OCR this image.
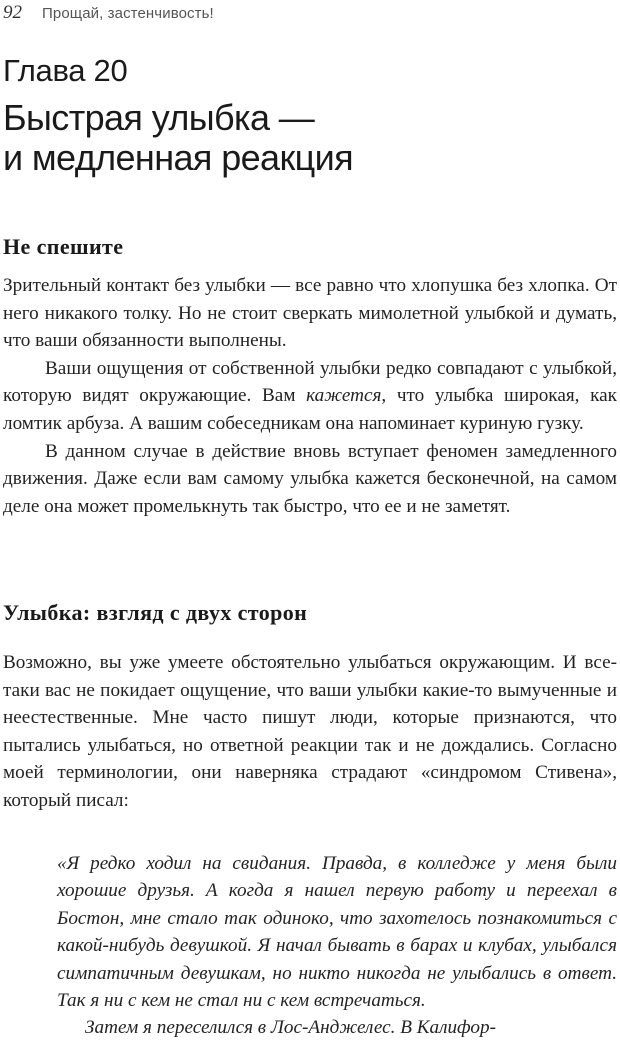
92 Прощай, застенчивость!
Глава 20
Быстрая улыбка —
и медленная реакция
Не спешите

Зрительный контакт без улыбки — все равно что хлопушка без хлопка. От него никакого толку. Но не стоит сверкать мимолетной улыбкой и думать, что ваши обязанности выполнены.

Ваши ощущения от собственной улыбки редко совпадают с улыбкой, которую видят окружающие. Вам кажется, что улыбка широкая, как ломтик арбуза. А вашим собеседникам она напоминает куриную гузку.

В данном случае в действие вновь вступает феномен замедленного движения. Даже если вам самому улыбка кажется бесконечной, на самом деле она может промелькнуть так быстро, что ее и не заметят.

Улыбка: взгляд с двух сторон

Возможно, вы уже умеете обстоятельно улыбаться окружающим. И все-таки вас не покидает ощущение, что ваши улыбки какие-то вымученные и неестественные. Мне часто пишут люди, которые признаются, что пытались улыбаться, но ответной реакции так и не дождались. Согласно моей терминологии, они наверняка страдают «синдромом Стивена», который писал:

«Я редко ходил на свидания. Правда, в колледже у меня были хорошие друзья. А когда я нашел первую работу и переехал в Бостон, мне стало так одиноко, что захотелось познакомиться с какой-нибудь девушкой. Я начал бывать в барах и клубах, улыбался симпатичным девушкам, но никто никогда не улыбались в ответ. Так я ни с кем не стал ни с кем встречаться.

Затем я переселился в Лос-Анджелес. В Калифор-
